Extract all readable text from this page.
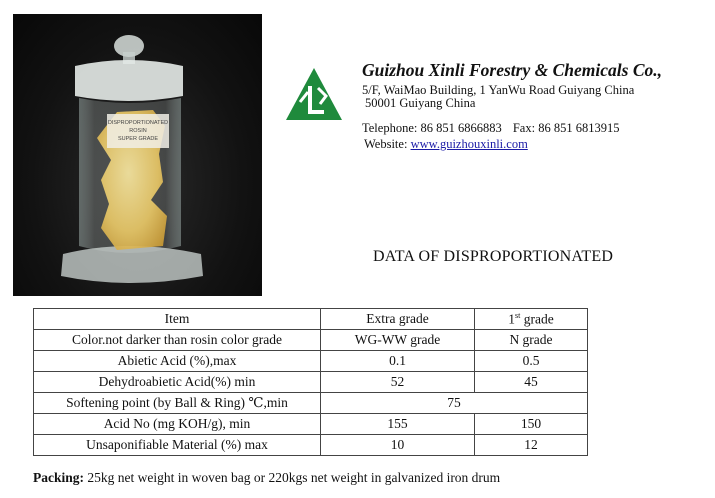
DISPROPORTIONATED
ROSIN
SUPER GRADE
Guizhou Xinli Forestry & Chemicals Co.,
5/F, WaiMao Building, 1 YanWu Road Guiyang China
50001 Guiyang China
Telephone: 86 851 6866883 Fax: 86 851 6813915
Website: www.guizhouxinli.com
DATA OF DISPROPORTIONATED
Item	Extra grade	1st grade
Color.not darker than rosin color grade	WG-WW grade	N grade
Abietic Acid (%),max	0.1	0.5
Dehydroabietic Acid(%) min	52	45
Softening point (by Ball & Ring) ℃,min	75	
Acid No (mg KOH/g), min	155	150
Unsaponifiable Material (%) max	10	12
Packing: 25kg net weight in woven bag or 220kgs net weight in galvanized iron drum
